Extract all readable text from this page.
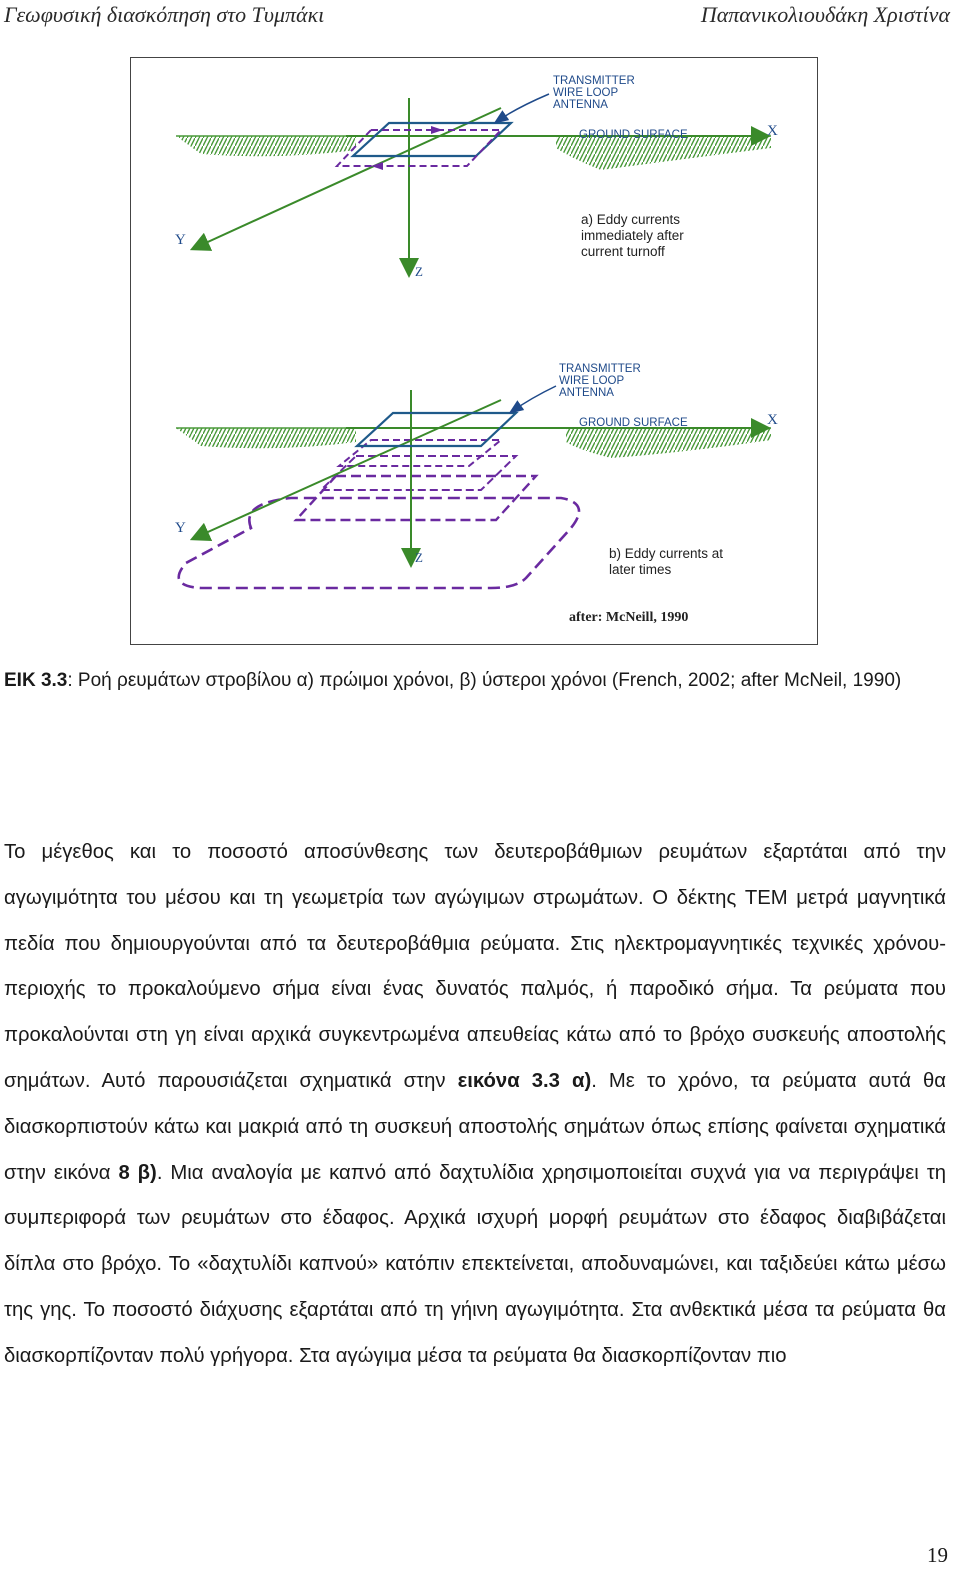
Γεωφυσική διασκόπηση στο Τυμπάκι	Παπανικολιουδάκη Χριστίνα
TRANSMITTER
WIRE LOOP
ANTENNA
GROUND SURFACE	X
Y
Z
a) Eddy currents
immediately after
current turnoff
TRANSMITTER
WIRE LOOP
ANTENNA
GROUND SURFACE	X
Y
Z	b) Eddy currents at
later times
after: McNeill, 1990
ΕΙΚ 3.3: Ροή ρευμάτων στροβίλου α) πρώιμοι χρόνοι, β) ύστεροι χρόνοι (French, 2002; after McNeil, 1990)

Το μέγεθος και το ποσοστό αποσύνθεσης των δευτεροβάθμιων ρευμάτων εξαρτάται από την αγωγιμότητα του μέσου και τη γεωμετρία των αγώγιμων στρωμάτων. Ο δέκτης TEM μετρά μαγνητικά πεδία που δημιουργούνται από τα δευτεροβάθμια ρεύματα. Στις ηλεκτρομαγνητικές τεχνικές χρόνου-περιοχής το προκαλούμενο σήμα είναι ένας δυνατός παλμός, ή παροδικό σήμα. Τα ρεύματα που προκαλούνται στη γη είναι αρχικά συγκεντρωμένα απευθείας κάτω από το βρόχο συσκευής αποστολής σημάτων. Αυτό παρουσιάζεται σχηματικά στην εικόνα 3.3 α). Με το χρόνο, τα ρεύματα αυτά θα διασκορπιστούν κάτω και μακριά από τη συσκευή αποστολής σημάτων όπως επίσης φαίνεται σχηματικά στην εικόνα 8 β). Μια αναλογία με καπνό από δαχτυλίδια χρησιμοποιείται συχνά για να περιγράψει τη συμπεριφορά των ρευμάτων στο έδαφος. Αρχικά ισχυρή μορφή ρευμάτων στο έδαφος διαβιβάζεται δίπλα στο βρόχο. Το «δαχτυλίδι καπνού» κατόπιν επεκτείνεται, αποδυναμώνει, και ταξιδεύει κάτω μέσω της γης. Το ποσοστό διάχυσης εξαρτάται από τη γήινη αγωγιμότητα. Στα ανθεκτικά μέσα τα ρεύματα θα διασκορπίζονταν πολύ γρήγορα. Στα αγώγιμα μέσα τα ρεύματα θα διασκορπίζονταν πιο

19
